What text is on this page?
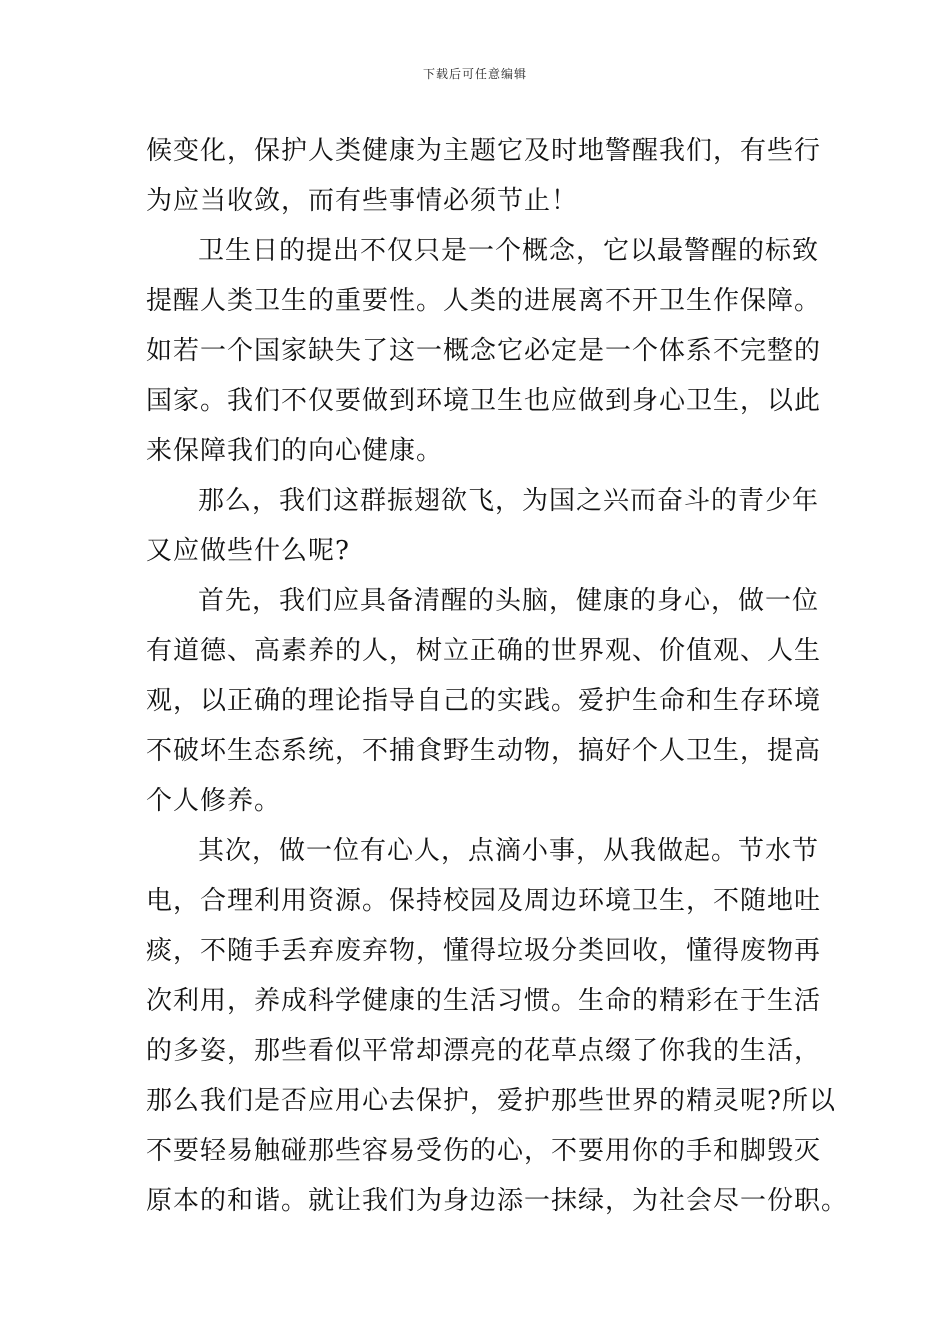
下载后可任意编辑

候变化，保护人类健康为主题它及时地警醒我们，有些行
为应当收敛，而有些事情必须节止！

卫生日的提出不仅只是一个概念，它以最警醒的标致
提醒人类卫生的重要性。人类的进展离不开卫生作保障。
如若一个国家缺失了这一概念它必定是一个体系不完整的
国家。我们不仅要做到环境卫生也应做到身心卫生，以此
来保障我们的向心健康。

那么，我们这群振翅欲飞，为国之兴而奋斗的青少年
又应做些什么呢?

首先，我们应具备清醒的头脑，健康的身心，做一位
有道德、高素养的人，树立正确的世界观、价值观、人生
观，以正确的理论指导自己的实践。爱护生命和生存环境
不破坏生态系统，不捕食野生动物，搞好个人卫生，提高
个人修养。

其次，做一位有心人，点滴小事，从我做起。节水节
电，合理利用资源。保持校园及周边环境卫生，不随地吐
痰，不随手丢弃废弃物，懂得垃圾分类回收，懂得废物再
次利用，养成科学健康的生活习惯。生命的精彩在于生活
的多姿，那些看似平常却漂亮的花草点缀了你我的生活，
那么我们是否应用心去保护，爱护那些世界的精灵呢?所以
不要轻易触碰那些容易受伤的心，不要用你的手和脚毁灭
原本的和谐。就让我们为身边添一抹绿，为社会尽一份职。
